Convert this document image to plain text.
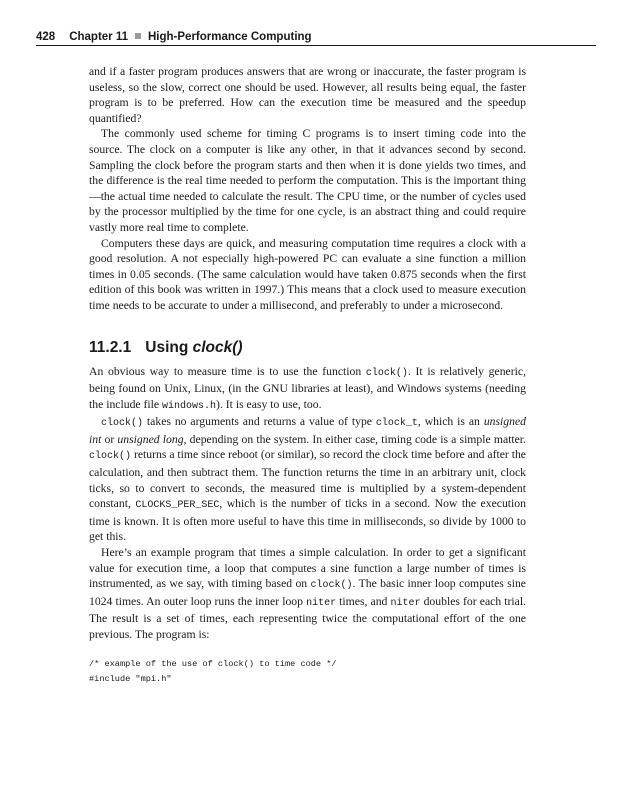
428 Chapter 11 High-Performance Computing

and if a faster program produces answers that are wrong or inaccurate, the faster program is useless, so the slow, correct one should be used. However, all results being equal, the faster program is to be preferred. How can the execution time be measured and the speedup quantified?

The commonly used scheme for timing C programs is to insert timing code into the source. The clock on a computer is like any other, in that it advances second by second. Sampling the clock before the program starts and then when it is done yields two times, and the difference is the real time needed to perform the computation. This is the important thing—the actual time needed to calculate the result. The CPU time, or the number of cycles used by the processor multiplied by the time for one cycle, is an abstract thing and could require vastly more real time to complete.

Computers these days are quick, and measuring computation time requires a clock with a good resolution. A not especially high-powered PC can evaluate a sine function a million times in 0.05 seconds. (The same calculation would have taken 0.875 seconds when the first edition of this book was written in 1997.) This means that a clock used to measure execution time needs to be accurate to under a millisecond, and preferably to under a microsecond.

11.2.1 Using clock()

An obvious way to measure time is to use the function clock(). It is relatively generic, being found on Unix, Linux, (in the GNU libraries at least), and Windows systems (needing the include file windows.h). It is easy to use, too.

clock() takes no arguments and returns a value of type clock_t, which is an unsigned int or unsigned long, depending on the system. In either case, timing code is a simple matter. clock() returns a time since reboot (or similar), so record the clock time before and after the calculation, and then subtract them. The function returns the time in an arbitrary unit, clock ticks, so to convert to seconds, the measured time is multiplied by a system-dependent constant, CLOCKS_PER_SEC, which is the number of ticks in a second. Now the execution time is known. It is often more useful to have this time in milliseconds, so divide by 1000 to get this.

Here’s an example program that times a simple calculation. In order to get a significant value for execution time, a loop that computes a sine function a large number of times is instrumented, as we say, with timing based on clock(). The basic inner loop computes sine 1024 times. An outer loop runs the inner loop niter times, and niter doubles for each trial. The result is a set of times, each representing twice the computational effort of the one previous. The program is:

/* example of the use of clock() to time code */
#include "mpi.h"
